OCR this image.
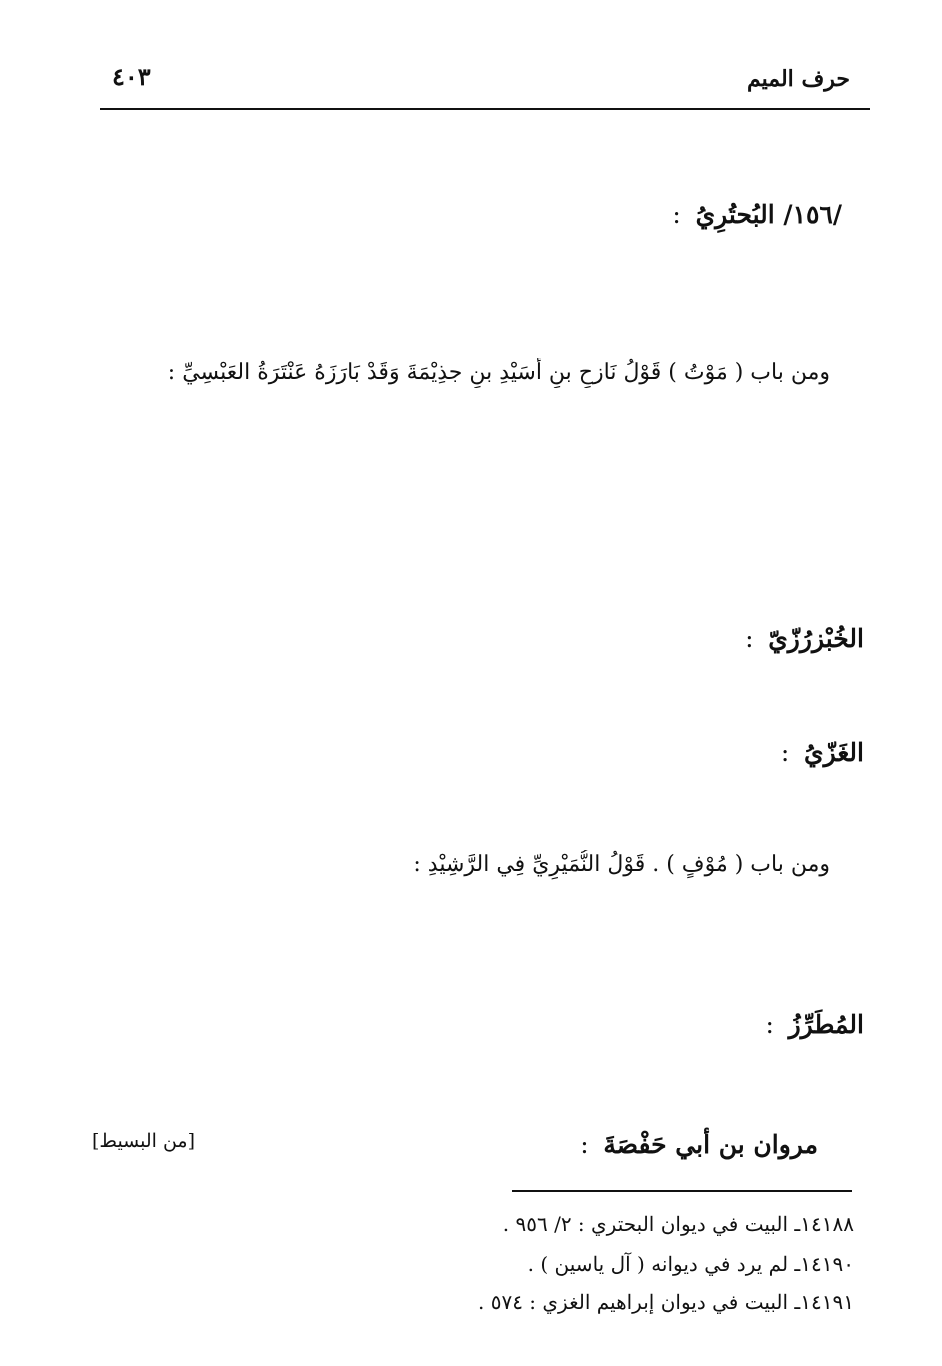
حرف الميم
٤٠٣
/١٥٦/ البُحتُرِيُ :
ومن باب ( مَوْتُ ) قَوْلُ نَازحِ بنِ أُسَيْدِ بنِ جذِيْمَةَ وَقَدْ بَارَزَهُ عَنْتَرَةُ العَبْسِيِّ :
الخُبْزرُزّيّ :
الغَزّيُ :
ومن باب ( مُوْفٍ ) . قَوْلُ النُّمَيْرِيِّ فِي الرَّشِيْدِ :
المُطَرِّزُ :
مروان بن أبي حَفْصَةَ :
[من البسيط]
١٤١٨٨ـ البيت في ديوان البحتري : ٢/ ٩٥٦ .
١٤١٩٠ـ لم يرد في ديوانه ( آل ياسين ) .
١٤١٩١ـ البيت في ديوان إبراهيم الغزي : ٥٧٤ .
